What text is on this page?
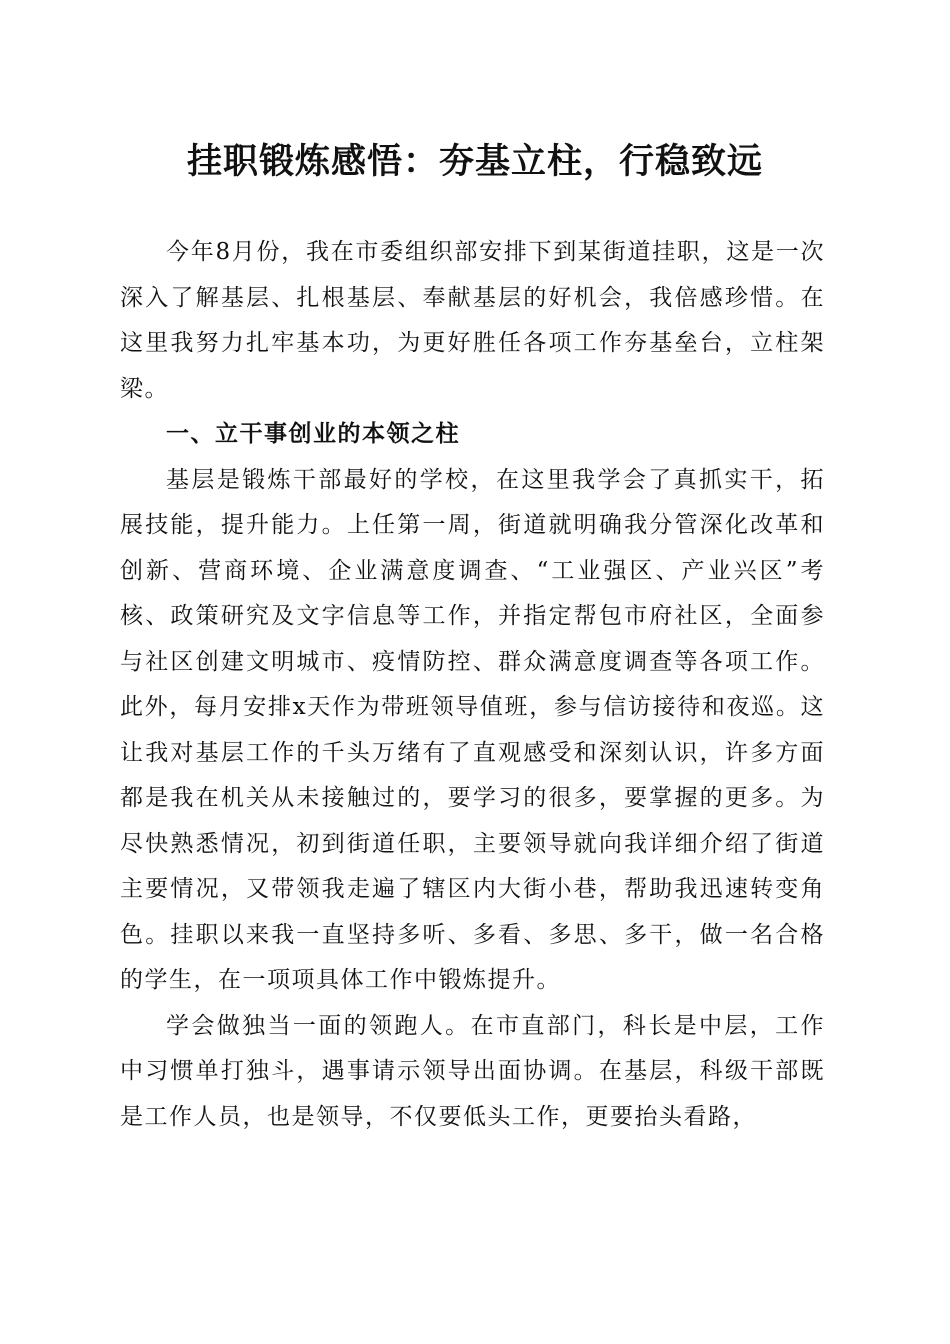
挂职锻炼感悟：夯基立柱，行稳致远

今年8月份，我在市委组织部安排下到某街道挂职，这是一次深入了解基层、扎根基层、奉献基层的好机会，我倍感珍惜。在这里我努力扎牢基本功，为更好胜任各项工作夯基垒台，立柱架梁。

一、立干事创业的本领之柱

基层是锻炼干部最好的学校，在这里我学会了真抓实干，拓展技能，提升能力。上任第一周，街道就明确我分管深化改革和创新、营商环境、企业满意度调查、“工业强区、产业兴区”考核、政策研究及文字信息等工作，并指定帮包市府社区，全面参与社区创建文明城市、疫情防控、群众满意度调查等各项工作。此外，每月安排x天作为带班领导值班，参与信访接待和夜巡。这让我对基层工作的千头万绪有了直观感受和深刻认识，许多方面都是我在机关从未接触过的，要学习的很多，要掌握的更多。为尽快熟悉情况，初到街道任职，主要领导就向我详细介绍了街道主要情况，又带领我走遍了辖区内大街小巷，帮助我迅速转变角色。挂职以来我一直坚持多听、多看、多思、多干，做一名合格的学生，在一项项具体工作中锻炼提升。

学会做独当一面的领跑人。在市直部门，科长是中层，工作中习惯单打独斗，遇事请示领导出面协调。在基层，科级干部既是工作人员，也是领导，不仅要低头工作，更要抬头看路，
